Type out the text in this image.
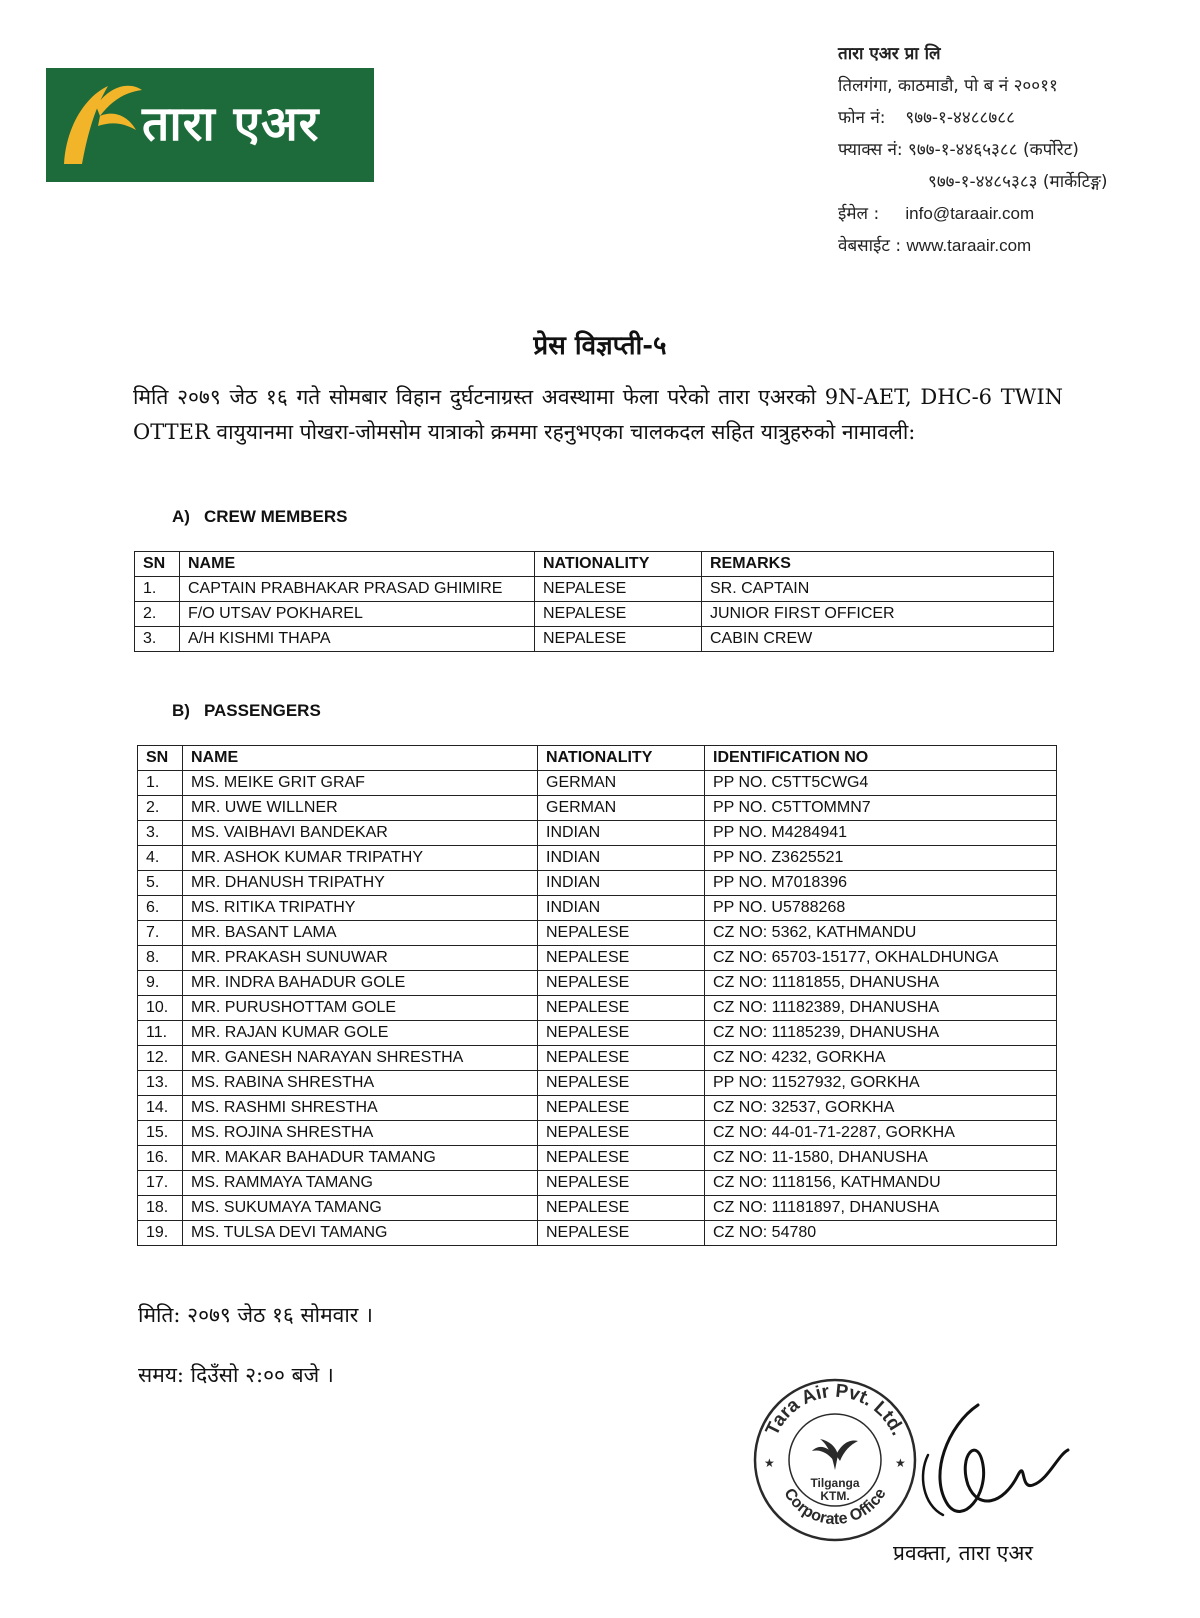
तारा एअर
तारा एअर प्रा लि
तिलगंगा, काठमाडौ, पो ब नं २००११
फोन नं: ९७७-१-४४८८७८८
फ्याक्स नं: ९७७-१-४४६५३८८ (कर्पोरेट)
९७७-१-४४८५३८३ (मार्केटिङ्ग)
ईमेल : info@taraair.com
वेबसाईट : www.taraair.com
प्रेस विज्ञप्ती-५
मिति २०७९ जेठ १६ गते सोमबार विहान दुर्घटनाग्रस्त अवस्थामा फेला परेको तारा एअरको 9N-AET, DHC-6 TWIN OTTER वायुयानमा पोखरा-जोमसोम यात्राको क्रममा रहनुभएका चालकदल सहित यात्रुहरुको नामावली:
A) CREW MEMBERS
SN	NAME	NATIONALITY	REMARKS
1.	CAPTAIN PRABHAKAR PRASAD GHIMIRE	NEPALESE	SR. CAPTAIN
2.	F/O UTSAV POKHAREL	NEPALESE	JUNIOR FIRST OFFICER
3.	A/H KISHMI THAPA	NEPALESE	CABIN CREW
B) PASSENGERS
SN	NAME	NATIONALITY	IDENTIFICATION NO
1.	MS. MEIKE GRIT GRAF	GERMAN	PP NO. C5TT5CWG4
2.	MR. UWE WILLNER	GERMAN	PP NO. C5TTOMMN7
3.	MS. VAIBHAVI BANDEKAR	INDIAN	PP NO. M4284941
4.	MR. ASHOK KUMAR TRIPATHY	INDIAN	PP NO. Z3625521
5.	MR. DHANUSH TRIPATHY	INDIAN	PP NO. M7018396
6.	MS. RITIKA TRIPATHY	INDIAN	PP NO. U5788268
7.	MR. BASANT LAMA	NEPALESE	CZ NO: 5362, KATHMANDU
8.	MR. PRAKASH SUNUWAR	NEPALESE	CZ NO: 65703-15177, OKHALDHUNGA
9.	MR. INDRA BAHADUR GOLE	NEPALESE	CZ NO: 11181855, DHANUSHA
10.	MR. PURUSHOTTAM GOLE	NEPALESE	CZ NO: 11182389, DHANUSHA
11.	MR. RAJAN KUMAR GOLE	NEPALESE	CZ NO: 11185239, DHANUSHA
12.	MR. GANESH NARAYAN SHRESTHA	NEPALESE	CZ NO: 4232, GORKHA
13.	MS. RABINA SHRESTHA	NEPALESE	PP NO: 11527932, GORKHA
14.	MS. RASHMI SHRESTHA	NEPALESE	CZ NO: 32537, GORKHA
15.	MS. ROJINA SHRESTHA	NEPALESE	CZ NO: 44-01-71-2287, GORKHA
16.	MR. MAKAR BAHADUR TAMANG	NEPALESE	CZ NO: 11-1580, DHANUSHA
17.	MS. RAMMAYA TAMANG	NEPALESE	CZ NO: 1118156, KATHMANDU
18.	MS. SUKUMAYA TAMANG	NEPALESE	CZ NO: 11181897, DHANUSHA
19.	MS. TULSA DEVI TAMANG	NEPALESE	CZ NO: 54780
मिति: २०७९ जेठ १६ सोमवार ।
समय: दिउँसो २:०० बजे ।
Tara Air Pvt. Ltd.
Corporate Office
Tilganga
KTM.
★	★
प्रवक्ता, तारा एअर
